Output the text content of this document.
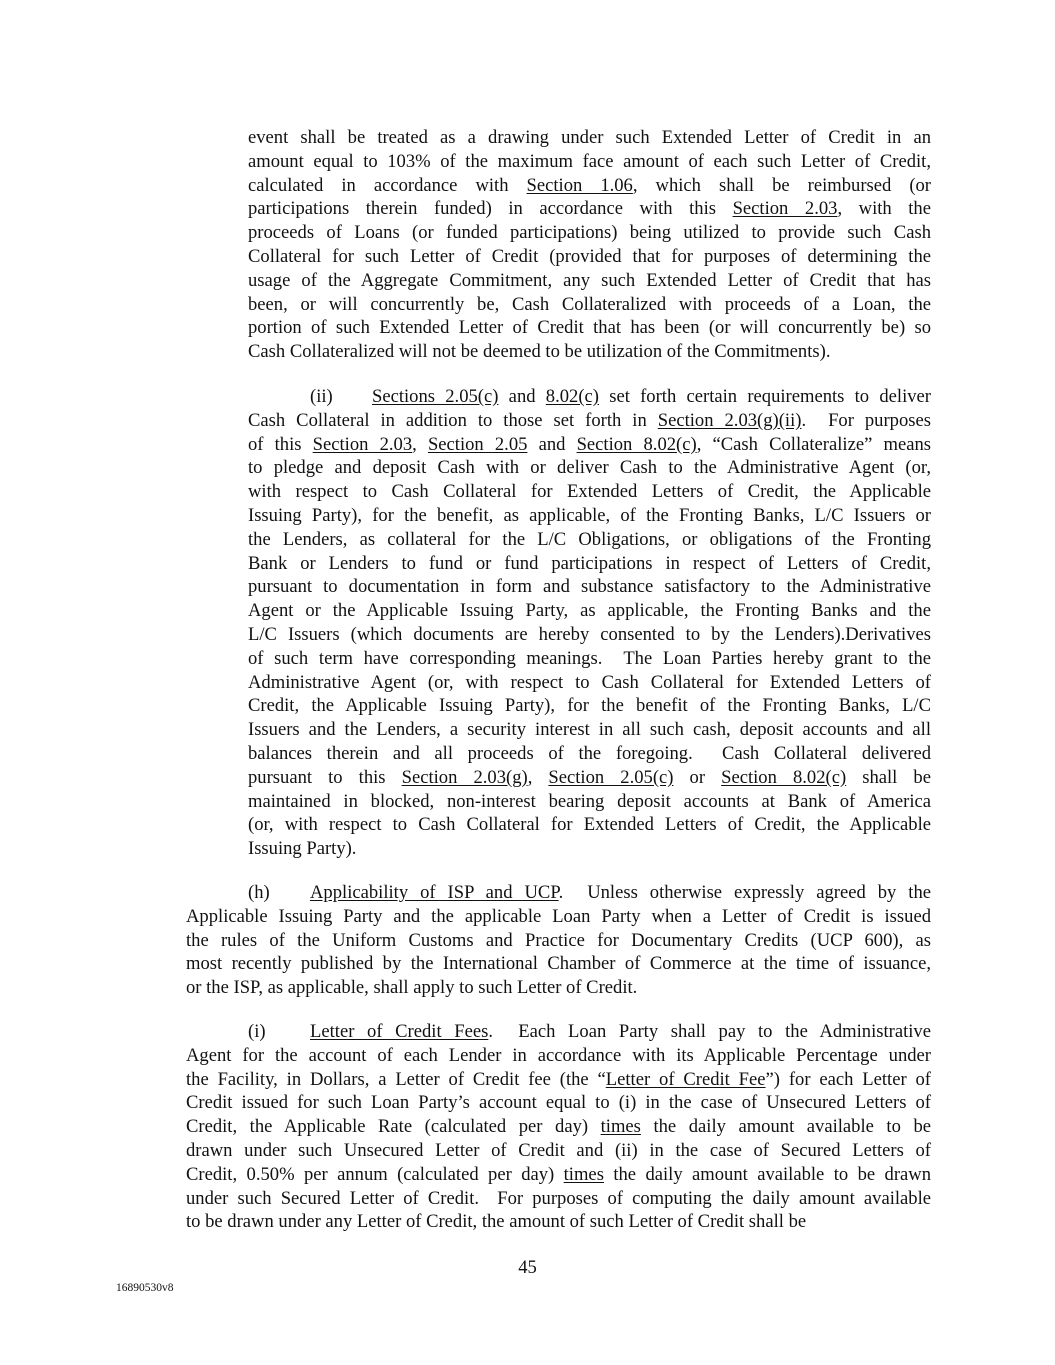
event shall be treated as a drawing under such Extended Letter of Credit in an
amount equal to 103% of the maximum face amount of each such Letter of Credit,
calculated in accordance with Section 1.06, which shall be reimbursed (or
participations therein funded) in accordance with this Section 2.03, with the
proceeds of Loans (or funded participations) being utilized to provide such Cash
Collateral for such Letter of Credit (provided that for purposes of determining the
usage of the Aggregate Commitment, any such Extended Letter of Credit that has
been, or will concurrently be, Cash Collateralized with proceeds of a Loan, the
portion of such Extended Letter of Credit that has been (or will concurrently be) so
Cash Collateralized will not be deemed to be utilization of the Commitments).
(ii) Sections 2.05(c) and 8.02(c) set forth certain requirements to deliver
Cash Collateral in addition to those set forth in Section 2.03(g)(ii).  For purposes
of this Section 2.03, Section 2.05 and Section 8.02(c), “Cash Collateralize” means
to pledge and deposit Cash with or deliver Cash to the Administrative Agent (or,
with respect to Cash Collateral for Extended Letters of Credit, the Applicable
Issuing Party), for the benefit, as applicable, of the Fronting Banks, L/C Issuers or
the Lenders, as collateral for the L/C Obligations, or obligations of the Fronting
Bank or Lenders to fund or fund participations in respect of Letters of Credit,
pursuant to documentation in form and substance satisfactory to the Administrative
Agent or the Applicable Issuing Party, as applicable, the Fronting Banks and the
L/C Issuers (which documents are hereby consented to by the Lenders).Derivatives
of such term have corresponding meanings.  The Loan Parties hereby grant to the
Administrative Agent (or, with respect to Cash Collateral for Extended Letters of
Credit, the Applicable Issuing Party), for the benefit of the Fronting Banks, L/C
Issuers and the Lenders, a security interest in all such cash, deposit accounts and all
balances therein and all proceeds of the foregoing.  Cash Collateral delivered
pursuant to this Section 2.03(g), Section 2.05(c) or Section 8.02(c) shall be
maintained in blocked, non-interest bearing deposit accounts at Bank of America
(or, with respect to Cash Collateral for Extended Letters of Credit, the Applicable
Issuing Party).
(h) Applicability of ISP and UCP.  Unless otherwise expressly agreed by the
Applicable Issuing Party and the applicable Loan Party when a Letter of Credit is issued
the rules of the Uniform Customs and Practice for Documentary Credits (UCP 600), as
most recently published by the International Chamber of Commerce at the time of issuance,
or the ISP, as applicable, shall apply to such Letter of Credit.
(i) Letter of Credit Fees.  Each Loan Party shall pay to the Administrative
Agent for the account of each Lender in accordance with its Applicable Percentage under
the Facility, in Dollars, a Letter of Credit fee (the “Letter of Credit Fee”) for each Letter of
Credit issued for such Loan Party’s account equal to (i) in the case of Unsecured Letters of
Credit, the Applicable Rate (calculated per day) times the daily amount available to be
drawn under such Unsecured Letter of Credit and (ii) in the case of Secured Letters of
Credit, 0.50% per annum (calculated per day) times the daily amount available to be drawn
under such Secured Letter of Credit.  For purposes of computing the daily amount available
to be drawn under any Letter of Credit, the amount of such Letter of Credit shall be
45
16890530v8
